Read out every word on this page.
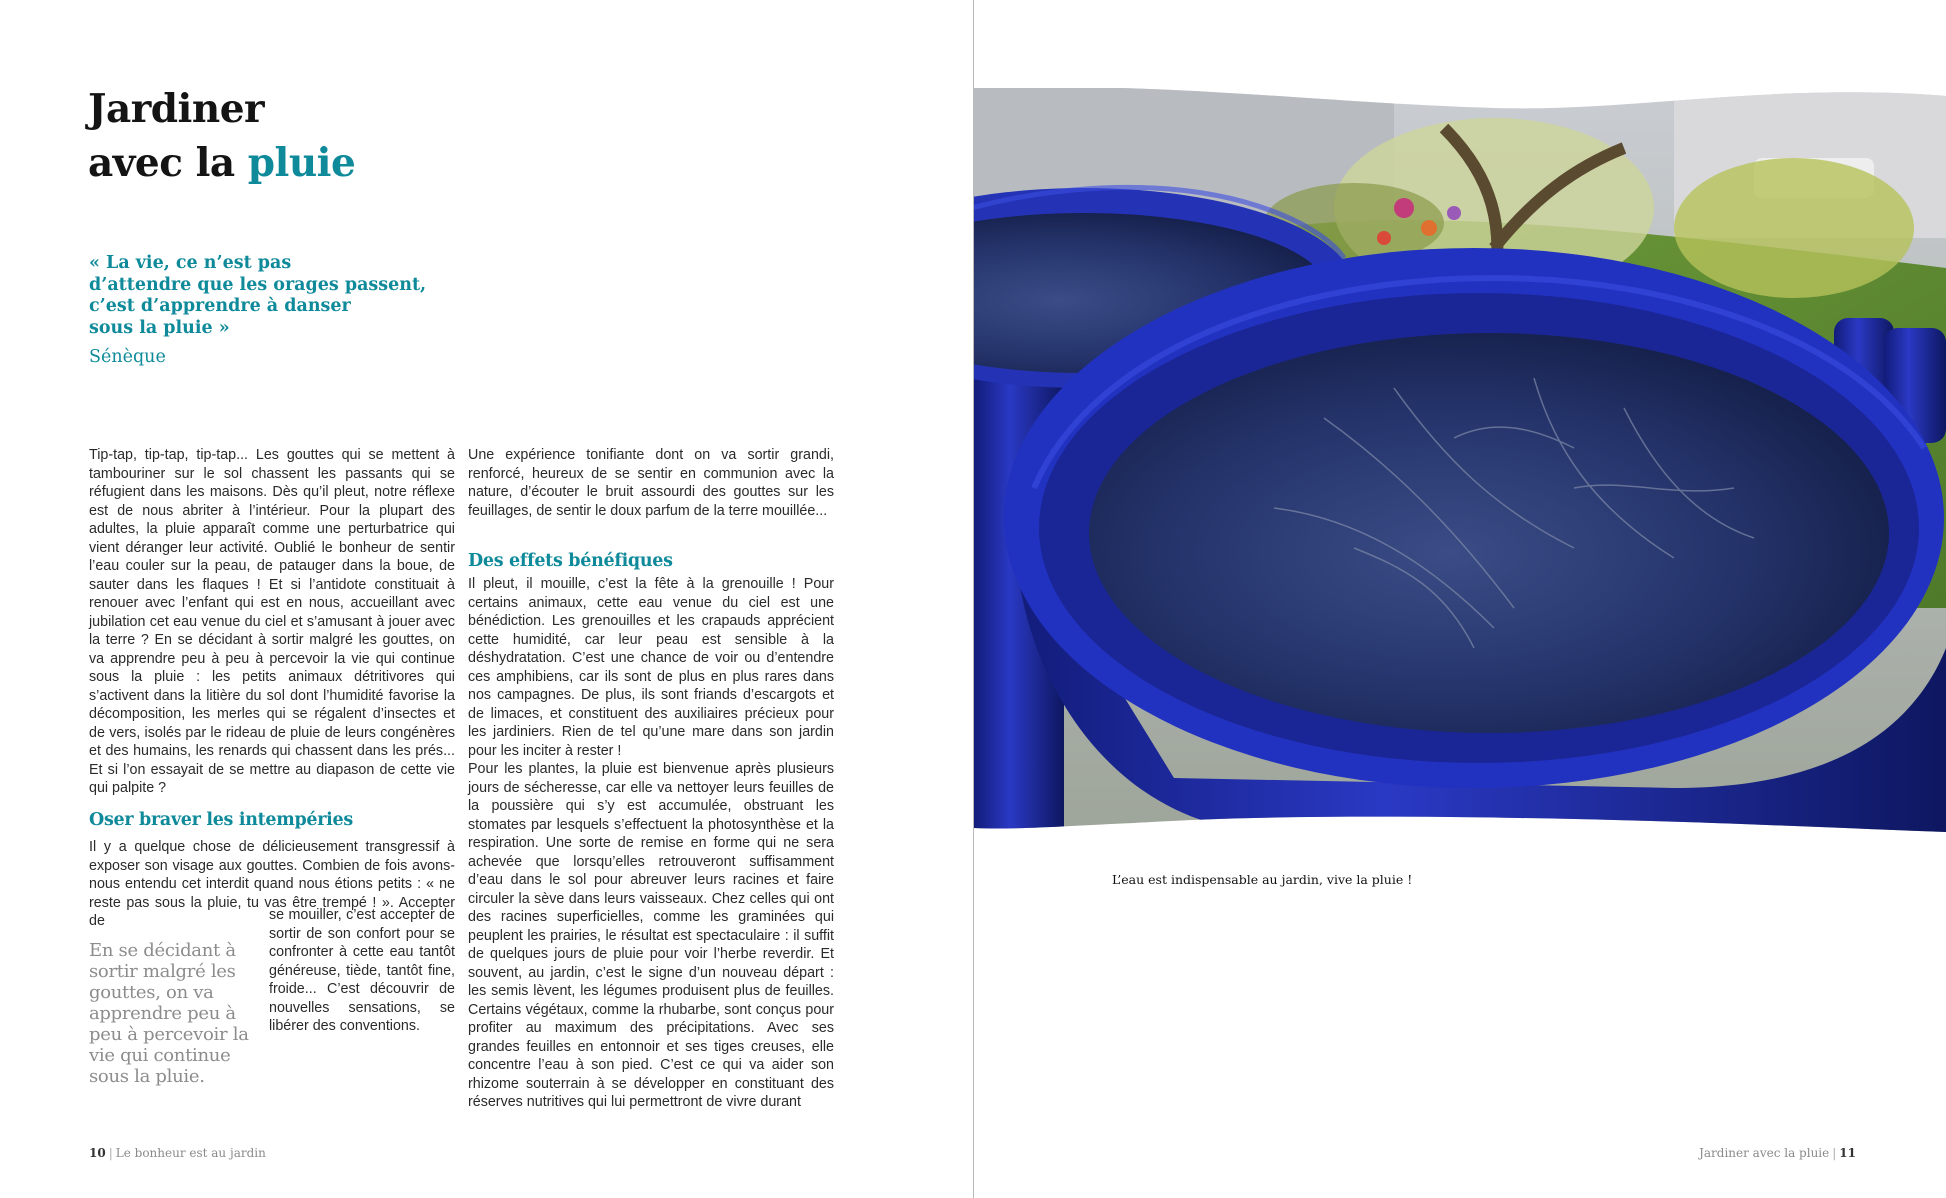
Jardiner
avec la pluie

« La vie, ce n’est pas

d’attendre que les orages passent,

c’est d’apprendre à danser

sous la pluie »

Sénèque

Tip-tap, tip-tap, tip-tap... Les gouttes qui se mettent à tambouriner sur le sol chassent les passants qui se réfugient dans les maisons. Dès qu’il pleut, notre réflexe est de nous abriter à l’intérieur. Pour la plupart des adultes, la pluie apparaît comme une perturbatrice qui vient déranger leur activité. Oublié le bonheur de sentir l’eau couler sur la peau, de patauger dans la boue, de sauter dans les flaques ! Et si l’antidote constituait à renouer avec l’enfant qui est en nous, accueillant avec jubilation cet eau venue du ciel et s’amusant à jouer avec la terre ? En se décidant à sortir malgré les gouttes, on va apprendre peu à peu à percevoir la vie qui continue sous la pluie : les petits animaux détritivores qui s’activent dans la litière du sol dont l’humidité favorise la décomposition, les merles qui se régalent d’insectes et de vers, isolés par le rideau de pluie de leurs congénères et des humains, les renards qui chassent dans les prés... Et si l’on essayait de se mettre au diapason de cette vie qui palpite ?

Oser braver les intempéries

Il y a quelque chose de délicieusement transgressif à exposer son visage aux gouttes. Combien de fois avons-nous entendu cet interdit quand nous étions petits : « ne reste pas sous la pluie, tu vas être trempé ! ». Accepter de	se mouiller, c’est accepter de sortir de son confort pour se confronter à cette eau tantôt généreuse, tiède, tantôt fine, froide... C’est découvrir de nouvelles sensations, se libérer des conventions.

En se décidant à sortir malgré les gouttes, on va apprendre peu à peu à percevoir la vie qui continue sous la pluie.

Une expérience tonifiante dont on va sortir grandi, renforcé, heureux de se sentir en communion avec la nature, d’écouter le bruit assourdi des gouttes sur les feuillages, de sentir le doux parfum de la terre mouillée...

Des effets bénéfiques

Il pleut, il mouille, c’est la fête à la grenouille ! Pour certains animaux, cette eau venue du ciel est une bénédiction. Les grenouilles et les crapauds apprécient cette humidité, car leur peau est sensible à la déshydratation. C’est une chance de voir ou d’entendre ces amphibiens, car ils sont de plus en plus rares dans nos campagnes. De plus, ils sont friands d’escargots et de limaces, et constituent des auxiliaires précieux pour les jardiniers. Rien de tel qu’une mare dans son jardin pour les inciter à rester !

Pour les plantes, la pluie est bienvenue après plusieurs jours de sécheresse, car elle va nettoyer leurs feuilles de la poussière qui s’y est accumulée, obstruant les stomates par lesquels s’effectuent la photosynthèse et la respiration. Une sorte de remise en forme qui ne sera achevée que lorsqu’elles retrouveront suffisamment d’eau dans le sol pour abreuver leurs racines et faire circuler la sève dans leurs vaisseaux. Chez celles qui ont des racines superficielles, comme les graminées qui peuplent les prairies, le résultat est spectaculaire : il suffit de quelques jours de pluie pour voir l’herbe reverdir. Et souvent, au jardin, c’est le signe d’un nouveau départ : les semis lèvent, les légumes produisent plus de feuilles. Certains végétaux, comme la rhubarbe, sont conçus pour profiter au maximum des précipitations. Avec ses grandes feuilles en entonnoir et ses tiges creuses, elle concentre l’eau à son pied. C’est ce qui va aider son rhizome souterrain à se développer en constituant des réserves nutritives qui lui permettront de vivre durant

10 | Le bonheur est au jardin

L’eau est indispensable au jardin, vive la pluie !

Jardiner avec la pluie | 11
